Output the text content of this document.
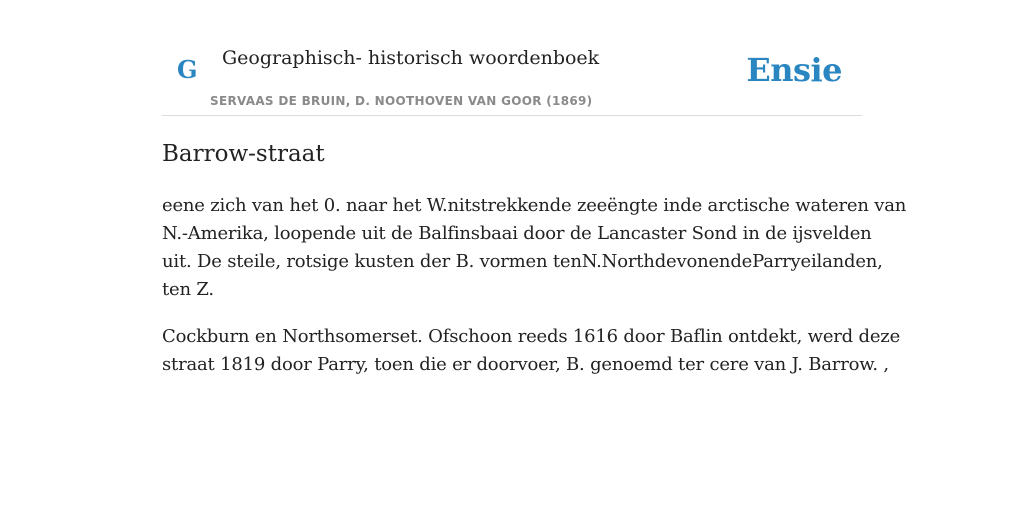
G Geographisch- historisch woordenboek
SERVAAS DE BRUIN, D. NOOTHOVEN VAN GOOR (1869)
Ensie
Barrow-straat

eene zich van het 0. naar het W.nitstrekkende zeeëngte inde arctische wateren van
N.-Amerika, loopende uit de Balfinsbaai door de Lancaster Sond in de ijsvelden
uit. De steile, rotsige kusten der B. vormen tenN.NorthdevonendeParryeilanden,
ten Z.

Cockburn en Northsomerset. Ofschoon reeds 1616 door Baflin ontdekt, werd deze
straat 1819 door Parry, toen die er doorvoer, B. genoemd ter cere van J. Barrow. ,
